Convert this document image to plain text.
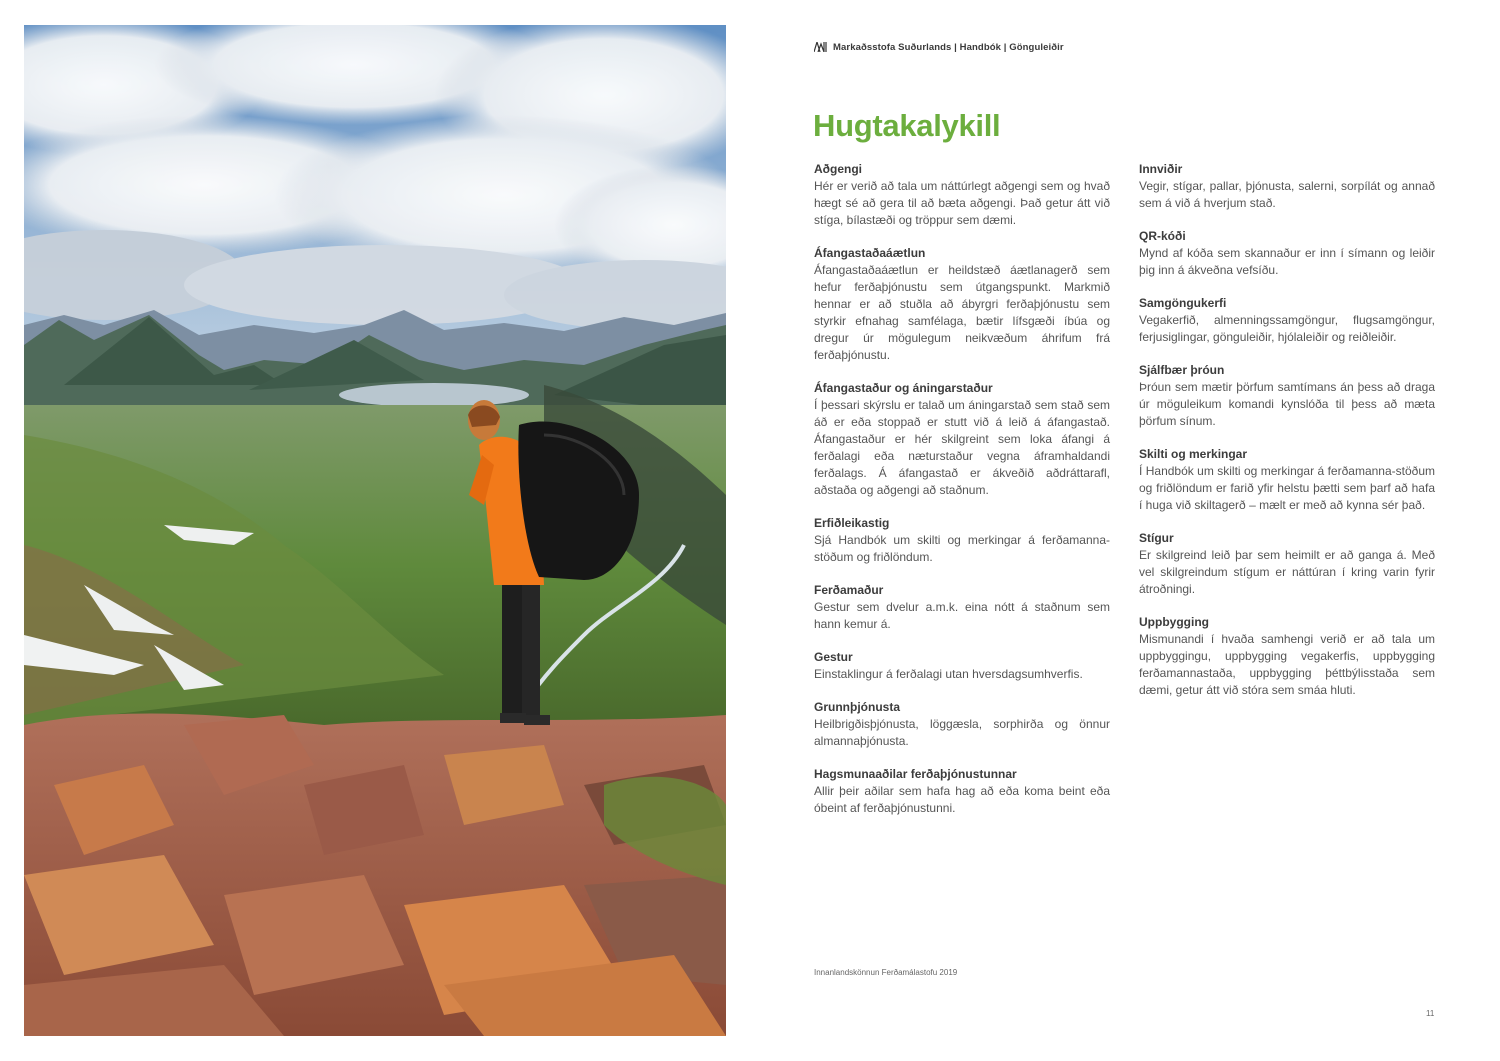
Markaðsstofa Suðurlands | Handbók | Gönguleiðir
Hugtakalykill
Aðgengi
Hér er verið að tala um náttúrlegt aðgengi sem og hvað hægt sé að gera til að bæta aðgengi. Það getur átt við stíga, bílastæði og tröppur sem dæmi.
Áfangastaðaáætlun
Áfangastaðaáætlun er heildstæð áætlanagerð sem hefur ferðaþjónustu sem útgangspunkt. Markmið hennar er að stuðla að ábyrgri ferðaþjónustu sem styrkir efnahag samfélaga, bætir lífsgæði íbúa og dregur úr mögulegum neikvæðum áhrifum frá ferðaþjónustu.
Áfangastaður og áningarstaður
Í þessari skýrslu er talað um áningarstað sem stað sem áð er eða stoppað er stutt við á leið á áfangastað. Áfangastaður er hér skilgreint sem loka áfangi á ferðalagi eða næturstaður vegna áframhaldandi ferðalags. Á áfangastað er ákveðið aðdráttarafl, aðstaða og aðgengi að staðnum.
Erfiðleikastig
Sjá Handbók um skilti og merkingar á ferðamanna-stöðum og friðlöndum.
Ferðamaður
Gestur sem dvelur a.m.k. eina nótt á staðnum sem hann kemur á.
Gestur
Einstaklingur á ferðalagi utan hversdagsumhverfis.
Grunnþjónusta
Heilbrigðisþjónusta, löggæsla, sorphirða og önnur almannaþjónusta.
Hagsmunaaðilar ferðaþjónustunnar
Allir þeir aðilar sem hafa hag að eða koma beint eða óbeint af ferðaþjónustunni.
Innviðir
Vegir, stígar, pallar, þjónusta, salerni, sorpílát og annað sem á við á hverjum stað.
QR-kóði
Mynd af kóða sem skannaður er inn í símann og leiðir þig inn á ákveðna vefsíðu.
Samgöngukerfi
Vegakerfið, almenningssamgöngur, flugsamgöngur, ferjusiglingar, gönguleiðir, hjólaleiðir og reiðleiðir.
Sjálfbær þróun
Þróun sem mætir þörfum samtímans án þess að draga úr möguleikum komandi kynslóða til þess að mæta þörfum sínum.
Skilti og merkingar
Í Handbók um skilti og merkingar á ferðamanna-stöðum og friðlöndum er farið yfir helstu þætti sem þarf að hafa í huga við skiltagerð – mælt er með að kynna sér það.
Stígur
Er skilgreind leið þar sem heimilt er að ganga á. Með vel skilgreindum stígum er náttúran í kring varin fyrir átroðningi.
Uppbygging
Mismunandi í hvaða samhengi verið er að tala um uppbyggingu, uppbygging vegakerfis, uppbygging ferðamannastaða, uppbygging þéttbýlisstaða sem dæmi, getur átt við stóra sem smáa hluti.
Innanlandskönnun Ferðamálastofu 2019
11
